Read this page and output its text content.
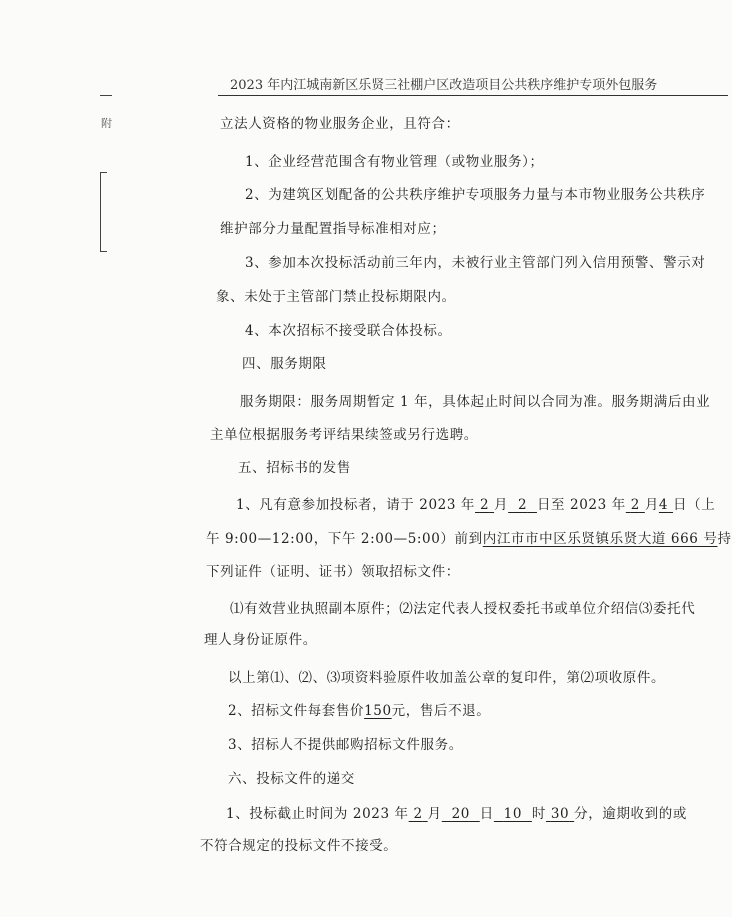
2023 年内江城南新区乐贤三社棚户区改造项目公共秩序维护专项外包服务
附	立法人资格的物业服务企业，且符合：
1、企业经营范围含有物业管理（或物业服务）；
2、为建筑区划配备的公共秩序维护专项服务力量与本市物业服务公共秩序
维护部分力量配置指导标准相对应；
3、参加本次投标活动前三年内，未被行业主管部门列入信用预警、警示对
象、未处于主管部门禁止投标期限内。
4、本次招标不接受联合体投标。
四、服务期限
服务期限：服务周期暂定 1 年，具体起止时间以合同为准。服务期满后由业
主单位根据服务考评结果续签或另行选聘。
五、招标书的发售
1、凡有意参加投标者，请于 2023 年 2 月 2 日至 2023 年 2 月4 日（上
午 9:00—12:00，下午 2:00—5:00）前到内江市市中区乐贤镇乐贤大道 666 号持
下列证件（证明、证书）领取招标文件：
⑴有效营业执照副本原件；⑵法定代表人授权委托书或单位介绍信⑶委托代
理人身份证原件。
以上第⑴、⑵、⑶项资料验原件收加盖公章的复印件，第⑵项收原件。
2、招标文件每套售价150元，售后不退。
3、招标人不提供邮购招标文件服务。
六、投标文件的递交
1、投标截止时间为 2023 年 2 月 20 日 10 时 30 分，逾期收到的或
不符合规定的投标文件不接受。
